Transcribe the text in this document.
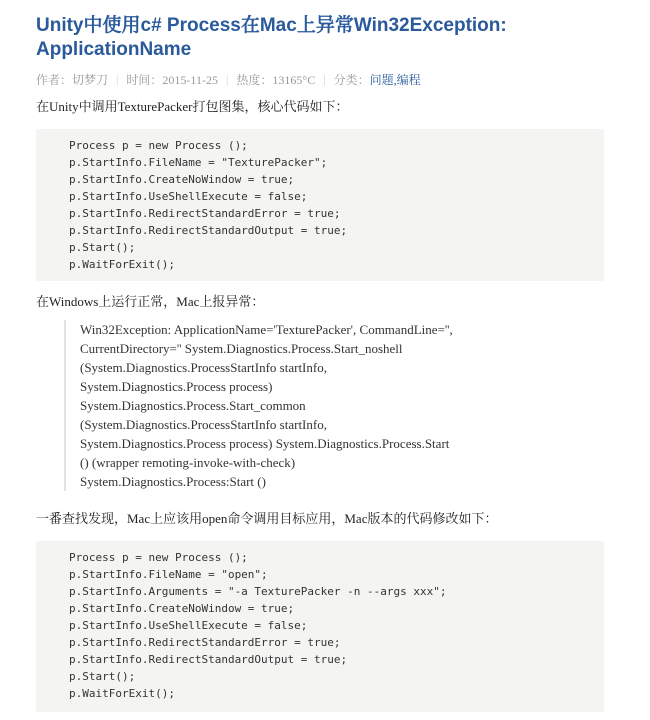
Unity中使用c# Process在Mac上异常Win32Exception:
ApplicationName
作者：切梦刀 | 时间：2015-11-25 | 热度：13165°C | 分类： 问题,编程

在Unity中调用TexturePacker打包图集，核心代码如下：

Process p = new Process ();
p.StartInfo.FileName = "TexturePacker";
p.StartInfo.CreateNoWindow = true;
p.StartInfo.UseShellExecute = false;
p.StartInfo.RedirectStandardError = true;
p.StartInfo.RedirectStandardOutput = true;
p.Start();
p.WaitForExit();

在Windows上运行正常，Mac上报异常：

Win32Exception: ApplicationName='TexturePacker', CommandLine='',
CurrentDirectory='' System.Diagnostics.Process.Start_noshell
(System.Diagnostics.ProcessStartInfo startInfo,
System.Diagnostics.Process process)
System.Diagnostics.Process.Start_common
(System.Diagnostics.ProcessStartInfo startInfo,
System.Diagnostics.Process process) System.Diagnostics.Process.Start
() (wrapper remoting-invoke-with-check)
System.Diagnostics.Process:Start ()

一番查找发现，Mac上应该用open命令调用目标应用，Mac版本的代码修改如下：

Process p = new Process ();
p.StartInfo.FileName = "open";
p.StartInfo.Arguments = "-a TexturePacker -n --args xxx";
p.StartInfo.CreateNoWindow = true;
p.StartInfo.UseShellExecute = false;
p.StartInfo.RedirectStandardError = true;
p.StartInfo.RedirectStandardOutput = true;
p.Start();
p.WaitForExit();
